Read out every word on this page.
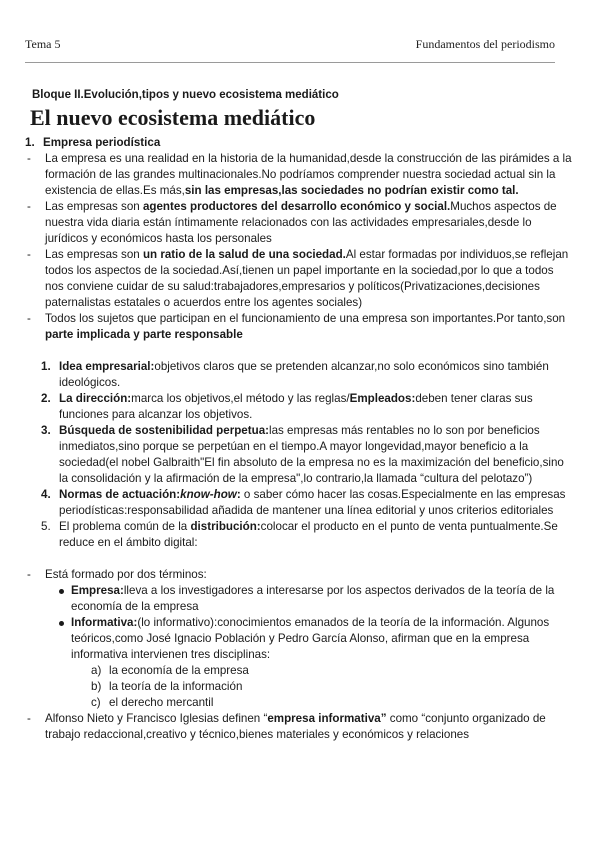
Tema 5	Fundamentos del periodismo
Bloque II.Evolución,tipos y nuevo ecosistema mediático
El nuevo ecosistema mediático

1. Empresa periodística

- La empresa es una realidad en la historia de la humanidad,desde la construcción de las pirámides a la formación de las grandes multinacionales.No podríamos comprender nuestra sociedad actual sin la existencia de ellas.Es más,sin las empresas,las sociedades no podrían existir como tal.
- Las empresas son agentes productores del desarrollo económico y social.Muchos aspectos de nuestra vida diaria están íntimamente relacionados con las actividades empresariales,desde lo jurídicos y económicos hasta los personales
- Las empresas son un ratio de la salud de una sociedad.Al estar formadas por individuos,se reflejan todos los aspectos de la sociedad.Así,tienen un papel importante en la sociedad,por lo que a todos nos conviene cuidar de su salud:trabajadores,empresarios y políticos(Privatizaciones,decisiones paternalistas estatales o acuerdos entre los agentes sociales)
- Todos los sujetos que participan en el funcionamiento de una empresa son importantes.Por tanto,son parte implicada y parte responsable
1. Idea empresarial:objetivos claros que se pretenden alcanzar,no solo económicos sino también ideológicos.
2. La dirección:marca los objetivos,el método y las reglas/Empleados:deben tener claras sus funciones para alcanzar los objetivos.
3. Búsqueda de sostenibilidad perpetua:las empresas más rentables no lo son por beneficios inmediatos,sino porque se perpetúan en el tiempo.A mayor longevidad,mayor beneficio a la sociedad(el nobel Galbraith"El fin absoluto de la empresa no es la maximización del beneficio,sino la consolidación y la afirmación de la empresa",lo contrario,la llamada “cultura del pelotazo”)
4. Normas de actuación:know-how: o saber cómo hacer las cosas.Especialmente en las empresas periodísticas:responsabilidad añadida de mantener una línea editorial y unos criterios editoriales
5. El problema común de la distribución:colocar el producto en el punto de venta puntualmente.Se reduce en el ámbito digital:
- Está formado por dos términos:
Empresa:lleva a los investigadores a interesarse por los aspectos derivados de la teoría de la economía de la empresa
Informativa:(lo informativo):conocimientos emanados de la teoría de la información. Algunos teóricos,como José Ignacio Población y Pedro García Alonso, afirman que en la empresa informativa intervienen tres disciplinas:
a) la economía de la empresa
b) la teoría de la información
c) el derecho mercantil
- Alfonso Nieto y Francisco Iglesias definen “empresa informativa” como “conjunto organizado de trabajo redaccional,creativo y técnico,bienes materiales y económicos y relaciones
